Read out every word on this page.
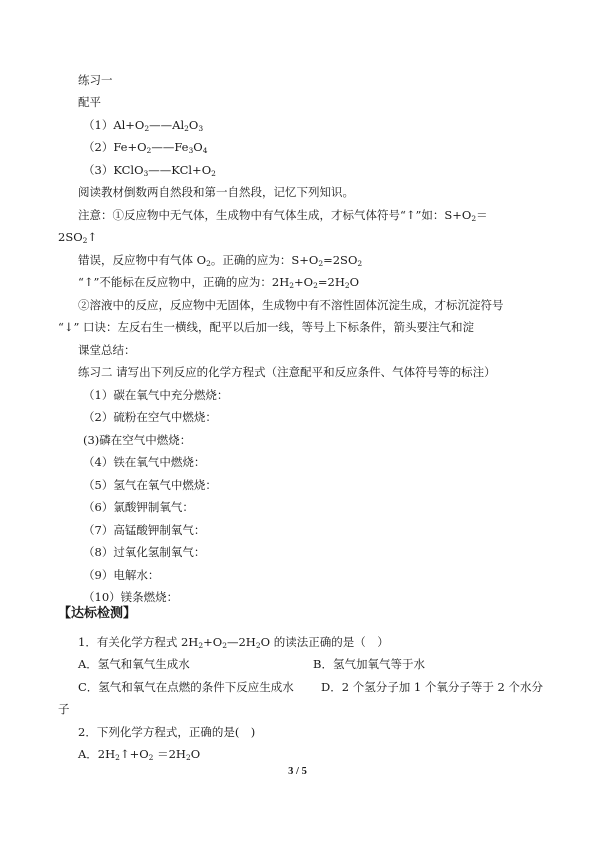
练习一
配平
$(1)Al+O_2——Al_2O_3$
$(2)Fe+O_2——Fe_3O_4$
$(3)KClO_3——KCl+O_2$
阅读教材倒数两自然段和第一自然段，记忆下列知识。
注意：①反应物中无气体，生成物中有气体生成，才标气体符号“↑”如：$S+O_2=$
$2SO_2↑$
错误，反应物中有气体 $O_2$。正确的应为：$S+O_2=2SO_2$
“↑”不能标在反应物中，正确的应为：$2H_2+O_2=2H_2O$
②溶液中的反应，反应物中无固体，生成物中有不溶性固体沉淀生成，才标沉淀符号
“↓” 口诀：左反右生一横线，配平以后加一线，等号上下标条件，箭头要注气和淀
课堂总结：
练习二 请写出下列反应的化学方程式（注意配平和反应条件、气体符号等的标注）
（1）碳在氧气中充分燃烧：
（2）硫粉在空气中燃烧：
(3)磷在空气中燃烧：
（4）铁在氧气中燃烧：
（5）氢气在氧气中燃烧：
（6）氯酸钾制氧气：
（7）高锰酸钾制氧气：
（8）过氧化氢制氧气：
（9）电解水：
（10）镁条燃烧：
1．有关化学方程式 $2H_2+O_2—2H_2O$ 的读法正确的是（　）
A．氢气和氧气生成水	B．氢气加氧气等于水
C．氢气和氧气在点燃的条件下反应生成水 D．2 个氢分子加 1 个氧分子等于 2 个水分
子
2．下列化学方程式，正确的是(　)
A．$2H_2↑+O_2 =2H_2O$
【达标检测】
3 / 5
